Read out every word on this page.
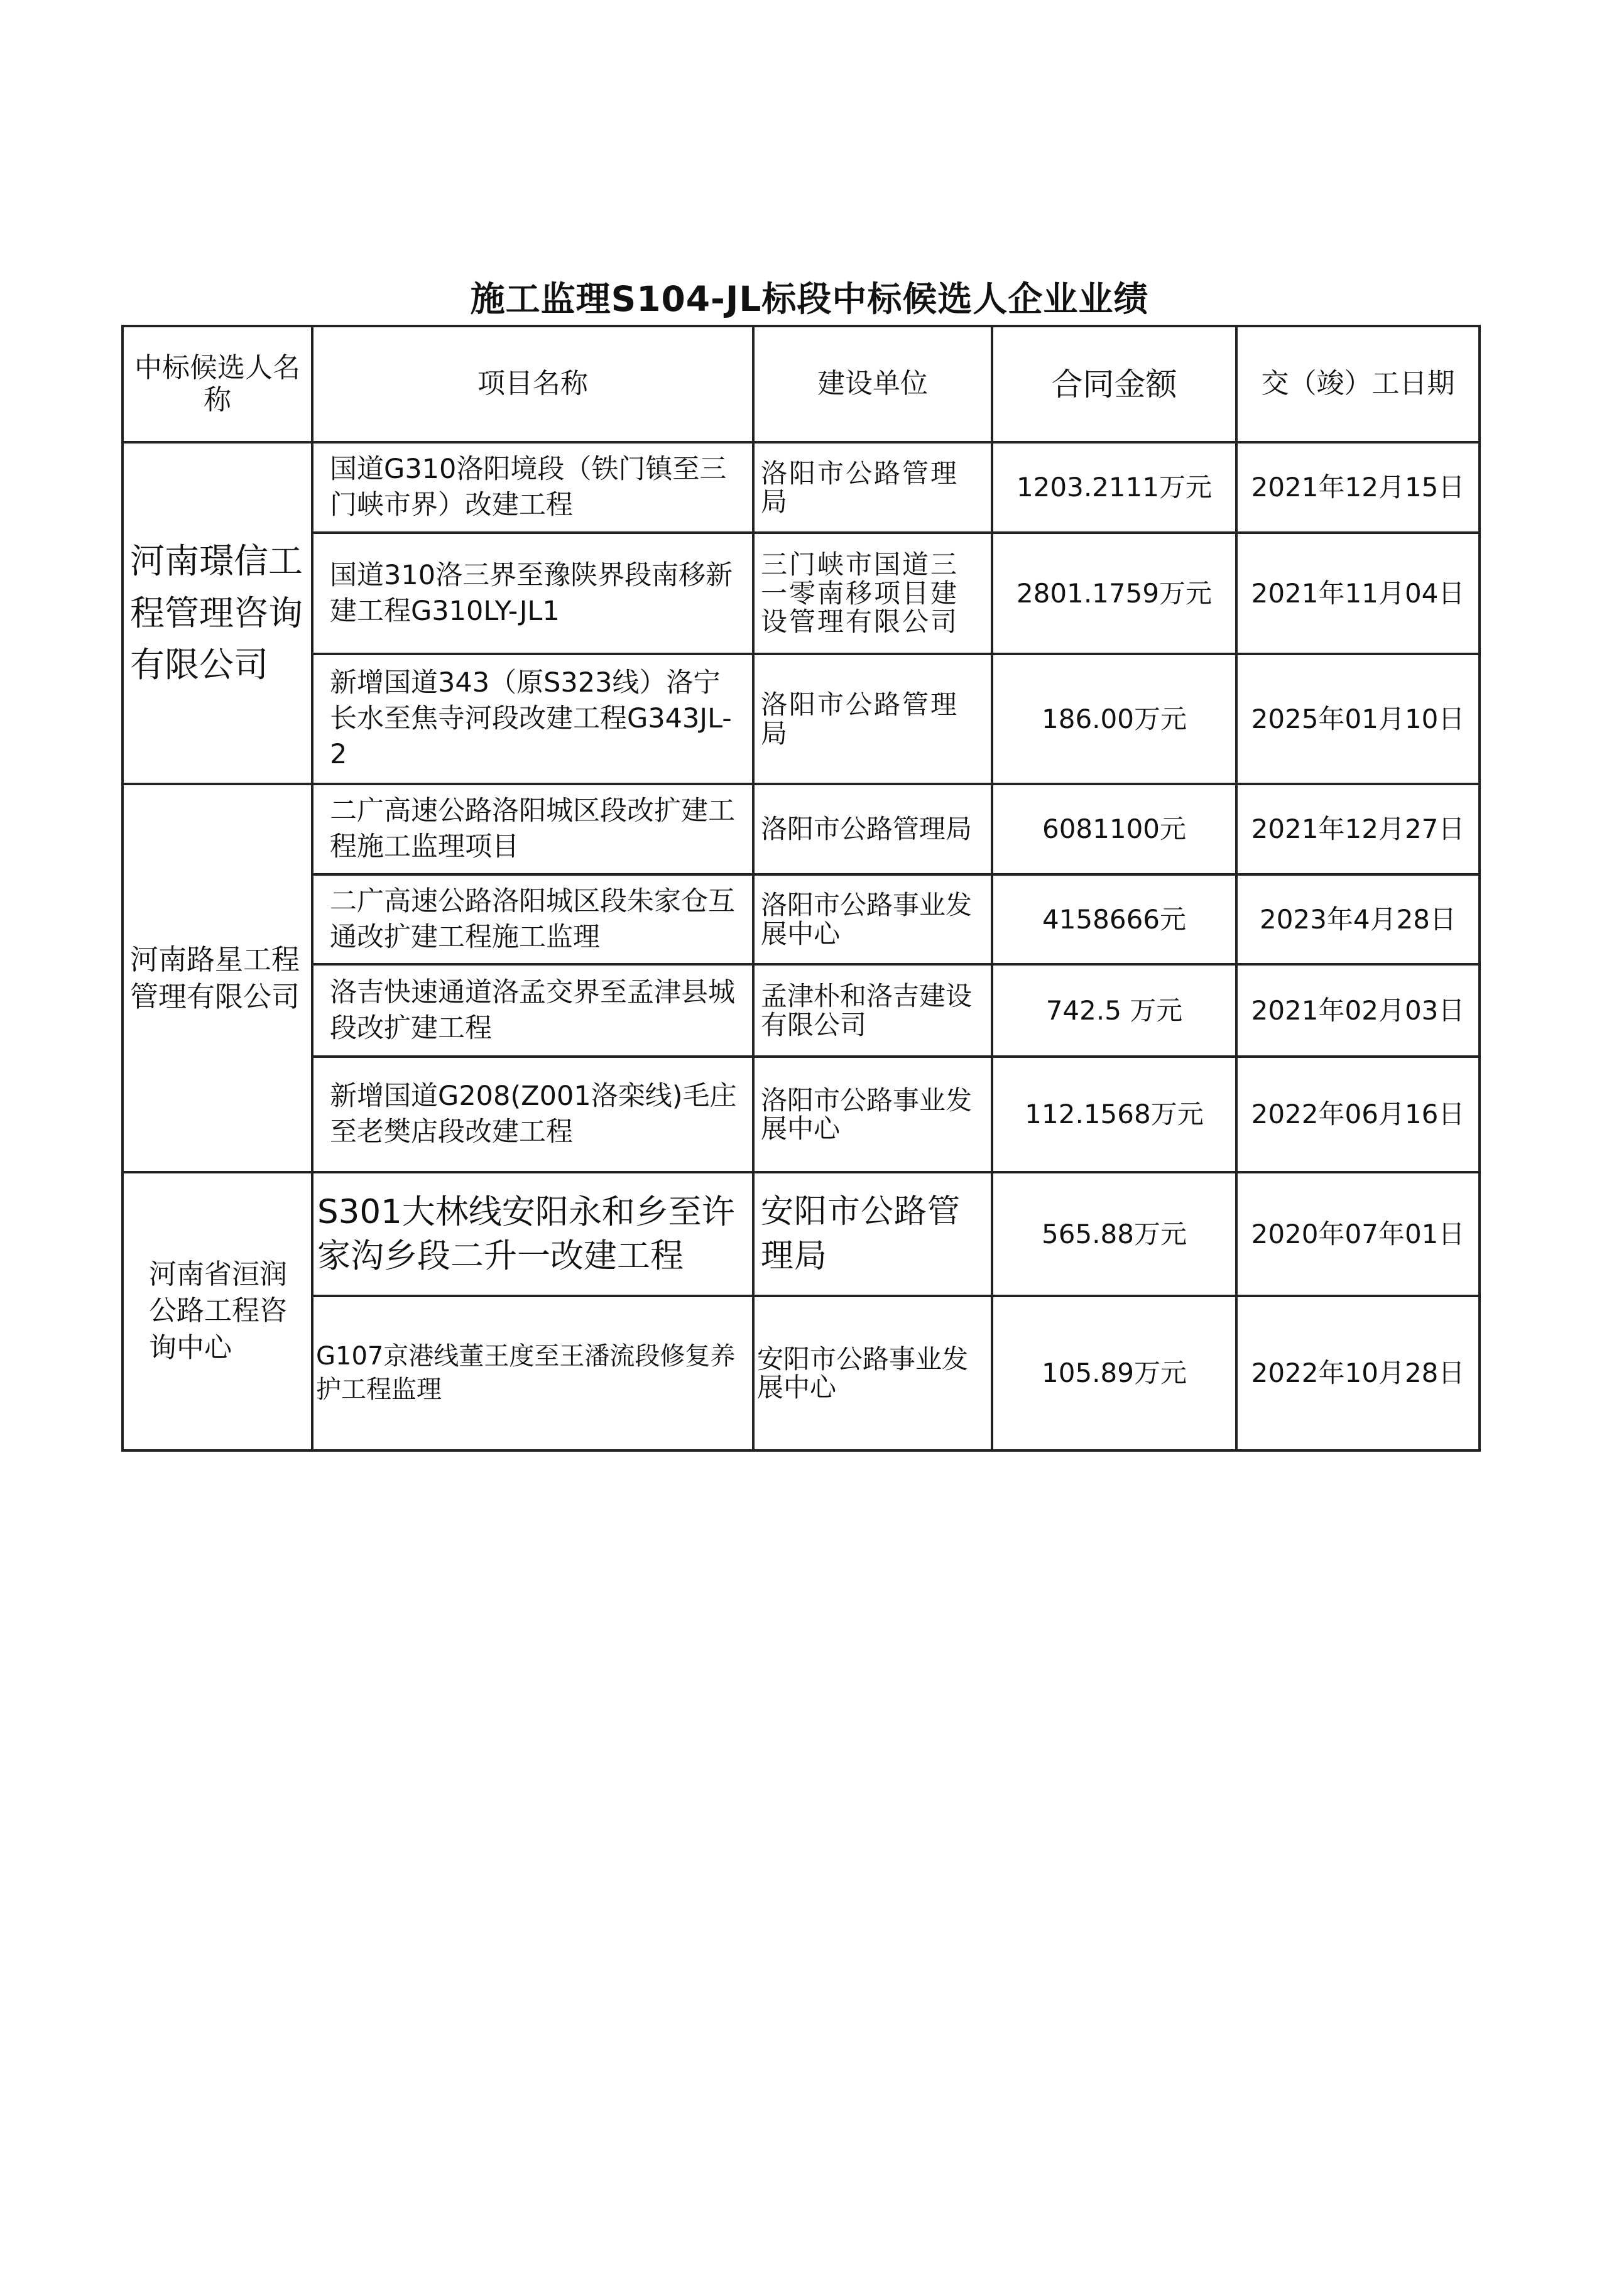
施工监理S104-JL标段中标候选人企业业绩
中标候选人名称	项目名称	建设单位	合同金额	交（竣）工日期
河南璟信工程管理咨询有限公司	国道G310洛阳境段（铁门镇至三门峡市界）改建工程	洛阳市公路管理局	1203.2111万元	2021年12月15日
	国道310洛三界至豫陕界段南移新建工程G310LY-JL1	三门峡市国道三一零南移项目建设管理有限公司	2801.1759万元	2021年11月04日
	新增国道343（原S323线）洛宁长水至焦寺河段改建工程G343JL-2	洛阳市公路管理局	186.00万元	2025年01月10日
河南路星工程管理有限公司	二广高速公路洛阳城区段改扩建工程施工监理项目	洛阳市公路管理局	6081100元	2021年12月27日
	二广高速公路洛阳城区段朱家仓互通改扩建工程施工监理	洛阳市公路事业发展中心	4158666元	2023年4月28日
	洛吉快速通道洛孟交界至孟津县城段改扩建工程	孟津朴和洛吉建设有限公司	742.5 万元	2021年02月03日
	新增国道G208(Z001洛栾线)毛庄至老樊店段改建工程	洛阳市公路事业发展中心	112.1568万元	2022年06月16日
河南省洹润公路工程咨询中心	S301大林线安阳永和乡至许家沟乡段二升一改建工程	安阳市公路管理局	565.88万元	2020年07年01日
	G107京港线董王度至王潘流段修复养护工程监理	安阳市公路事业发展中心	105.89万元	2022年10月28日
